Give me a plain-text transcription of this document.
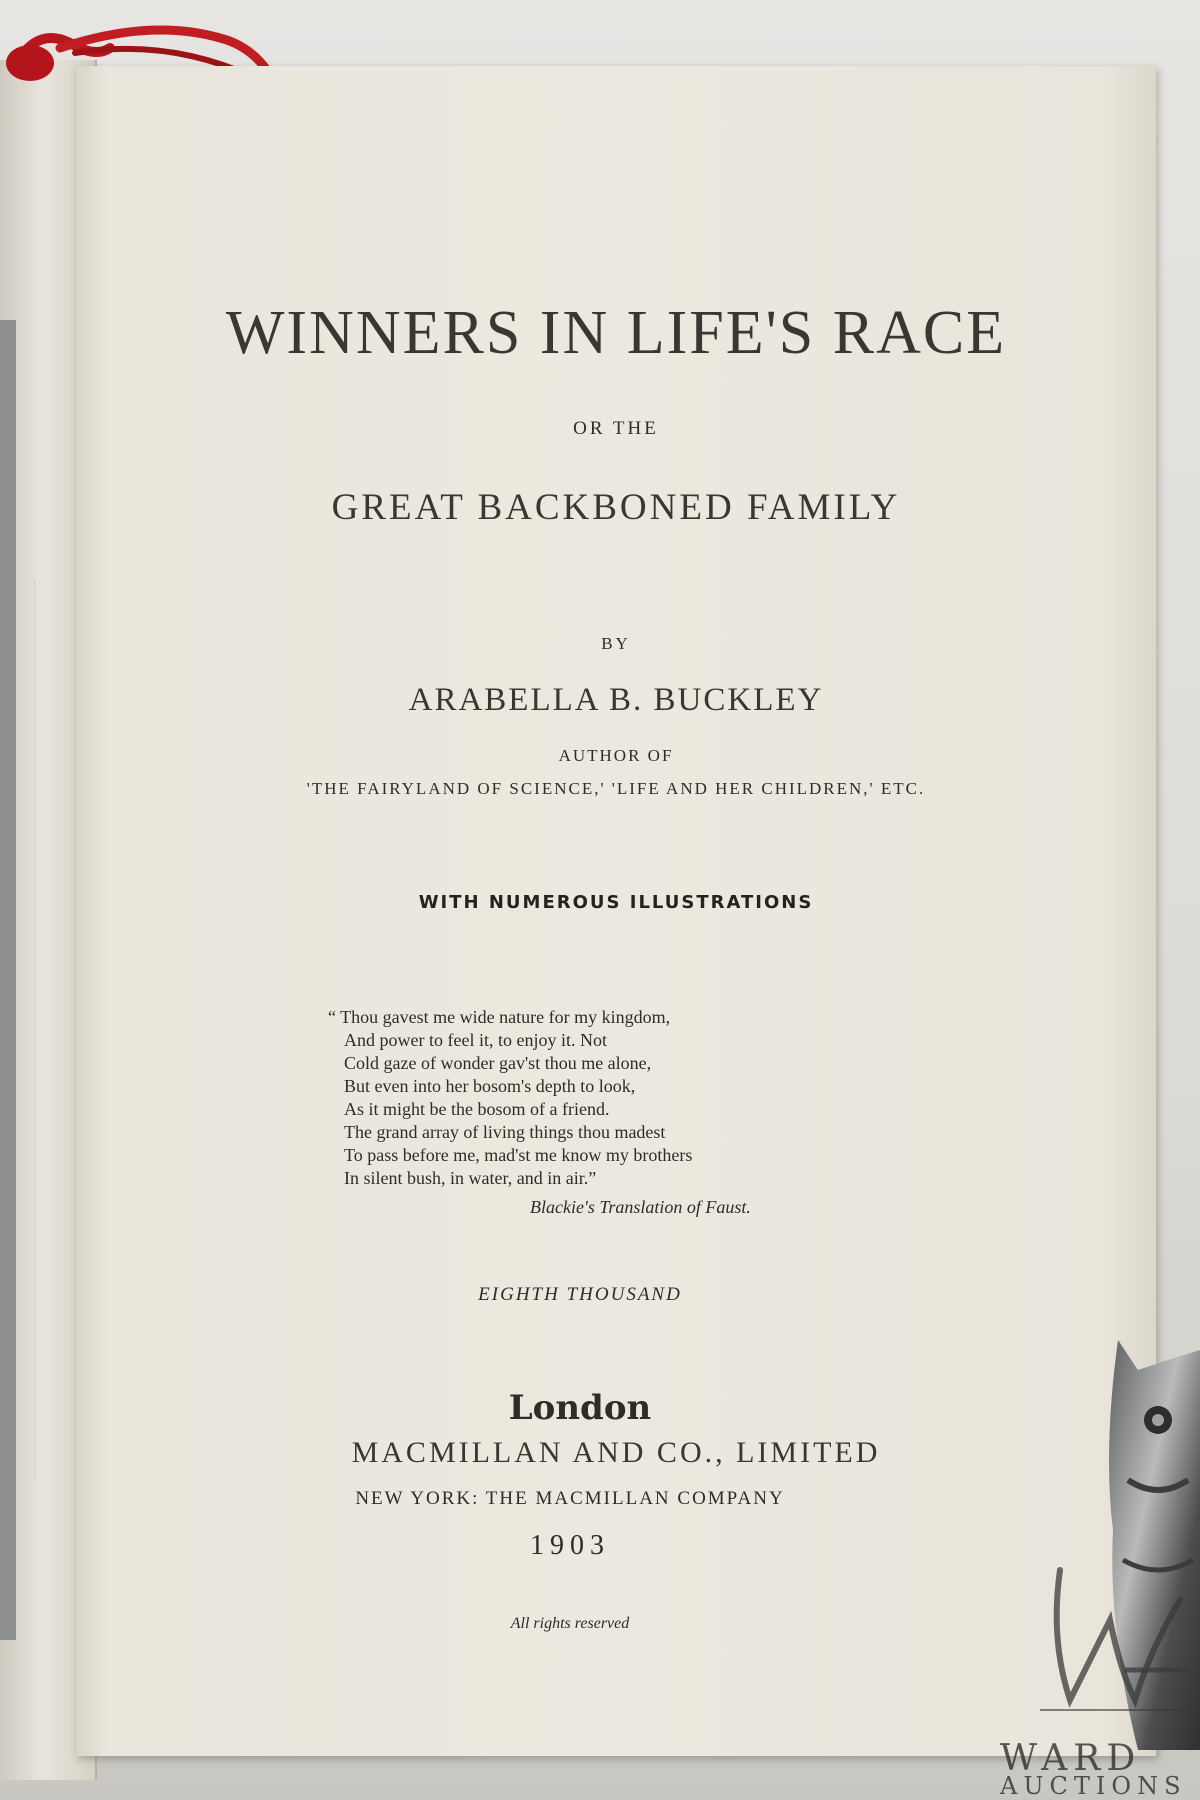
WINNERS IN LIFE'S RACE
OR THE
GREAT BACKBONED FAMILY
BY
ARABELLA B. BUCKLEY
AUTHOR OF
'THE FAIRYLAND OF SCIENCE,' 'LIFE AND HER CHILDREN,' ETC.
WITH NUMEROUS ILLUSTRATIONS
“ Thou gavest me wide nature for my kingdom,
And power to feel it, to enjoy it. Not
Cold gaze of wonder gav'st thou me alone,
But even into her bosom's depth to look,
As it might be the bosom of a friend.
The grand array of living things thou madest
To pass before me, mad'st me know my brothers
In silent bush, in water, and in air.”
Blackie's Translation of Faust.
EIGHTH THOUSAND
London
MACMILLAN AND CO., LIMITED
NEW YORK: THE MACMILLAN COMPANY
1903
All rights reserved
WARD
AUCTIONS
